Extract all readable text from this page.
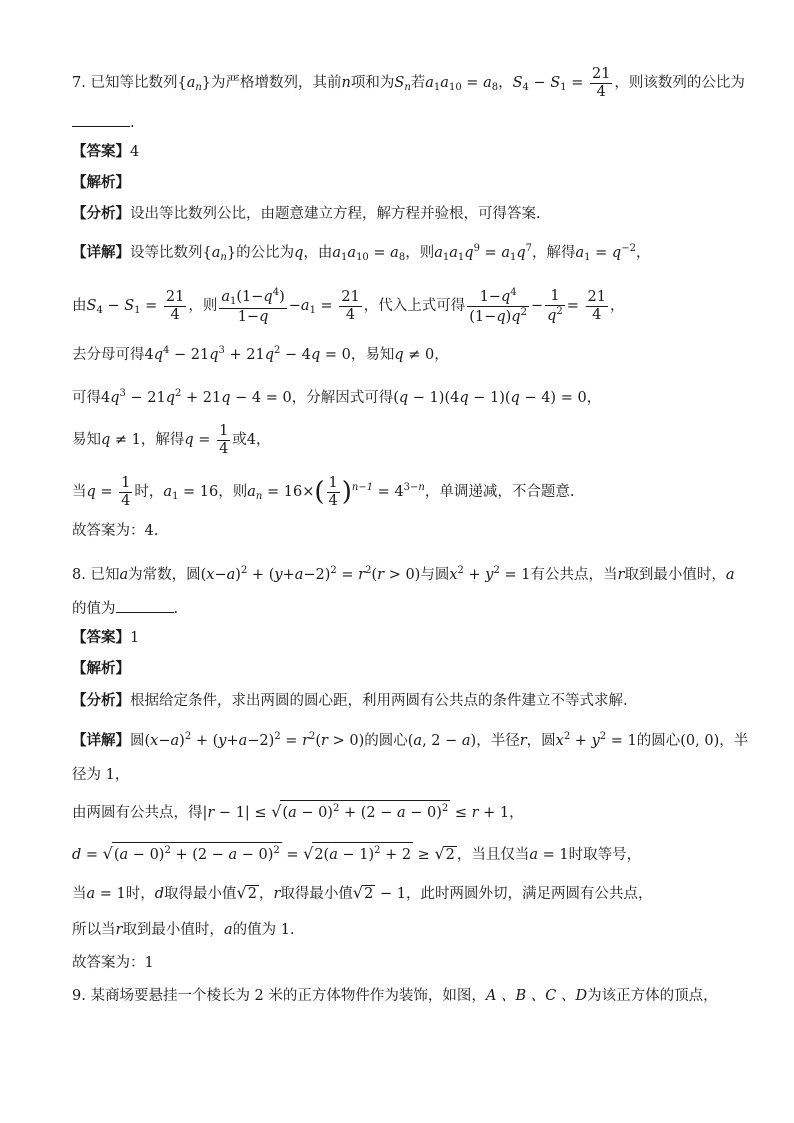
7. 已知等比数列$\{a_n\}$为严格增数列，其前n项和为$S_n$若$a_1a_{10} = a_8$，$S_4 - S_1 = \frac{21}{4}$ ，则该数列的公比为
.
【答案】4
【解析】
【分析】设出等比数列公比，由题意建立方程，解方程并验根，可得答案.
【详解】设等比数列$\{a_n\}$的公比为q，由$a_1a_{10} = a_8$，则$a_1a_1q^9 = a_1q^7$，解得$a_1 = q^{-2}$，
由$S_4 - S_1 = \frac{21}{4}$ ，则 $\frac{a_1(1-q^4)}{1-q} -a_1 = \frac{21}{4}$ ，代入上式可得 $\frac{1-q^4}{(1-q)q^2} - \frac{1}{q^2} = \frac{21}{4}$ ，
去分母可得$4q^4 - 21q^3 + 21q^2 - 4q = 0$，易知q ≠ 0，
可得$4q^3 - 21q^2 + 21q - 4 = 0$，分解因式可得(q − 1)(4q − 1)(q − 4) = 0，
易知q ≠ 1，解得$q = \frac{1}{4}$ 或4，
当$q = \frac{1}{4}$ 时，$a_1 = 16$，则$a_n = 16\times( \frac{1}{4} )^{n-1} = 4^{3-n}$，单调递减，不合题意.
故答案为：4.
8. 已知a为常数，圆$(x-a)^2 + (y+a-2)^2 = r^2(r > 0)$与圆$x^2 + y^2 = 1$有公共点，当r取到最小值时，a
的值为	.
【答案】1
【解析】
【分析】根据给定条件，求出两圆的圆心距，利用两圆有公共点的条件建立不等式求解.
【详解】圆$(x-a)^2 + (y+a-2)^2 = r^2(r > 0)$的圆心(a, 2 − a)，半径r，圆$x^2 + y^2 = 1$的圆心(0, 0)，半
径为 1，
由两圆有公共点，得$|r - 1| \le √(a - 0)^2 + (2 - a - 0)^2 \le r + 1$，
$d = √(a - 0)^2 + (2 - a - 0)^2 = √2(a - 1)^2 + 2 \ge √2$ ，当且仅当a = 1时取等号，
当a = 1时，d取得最小值√2 ，r取得最小值√2 − 1，此时两圆外切，满足两圆有公共点，
所以当r取到最小值时，a的值为 1.
故答案为：1
9. 某商场要悬挂一个棱长为 2 米的正方体物件作为装饰，如图，A 、B 、C 、D为该正方体的顶点，
